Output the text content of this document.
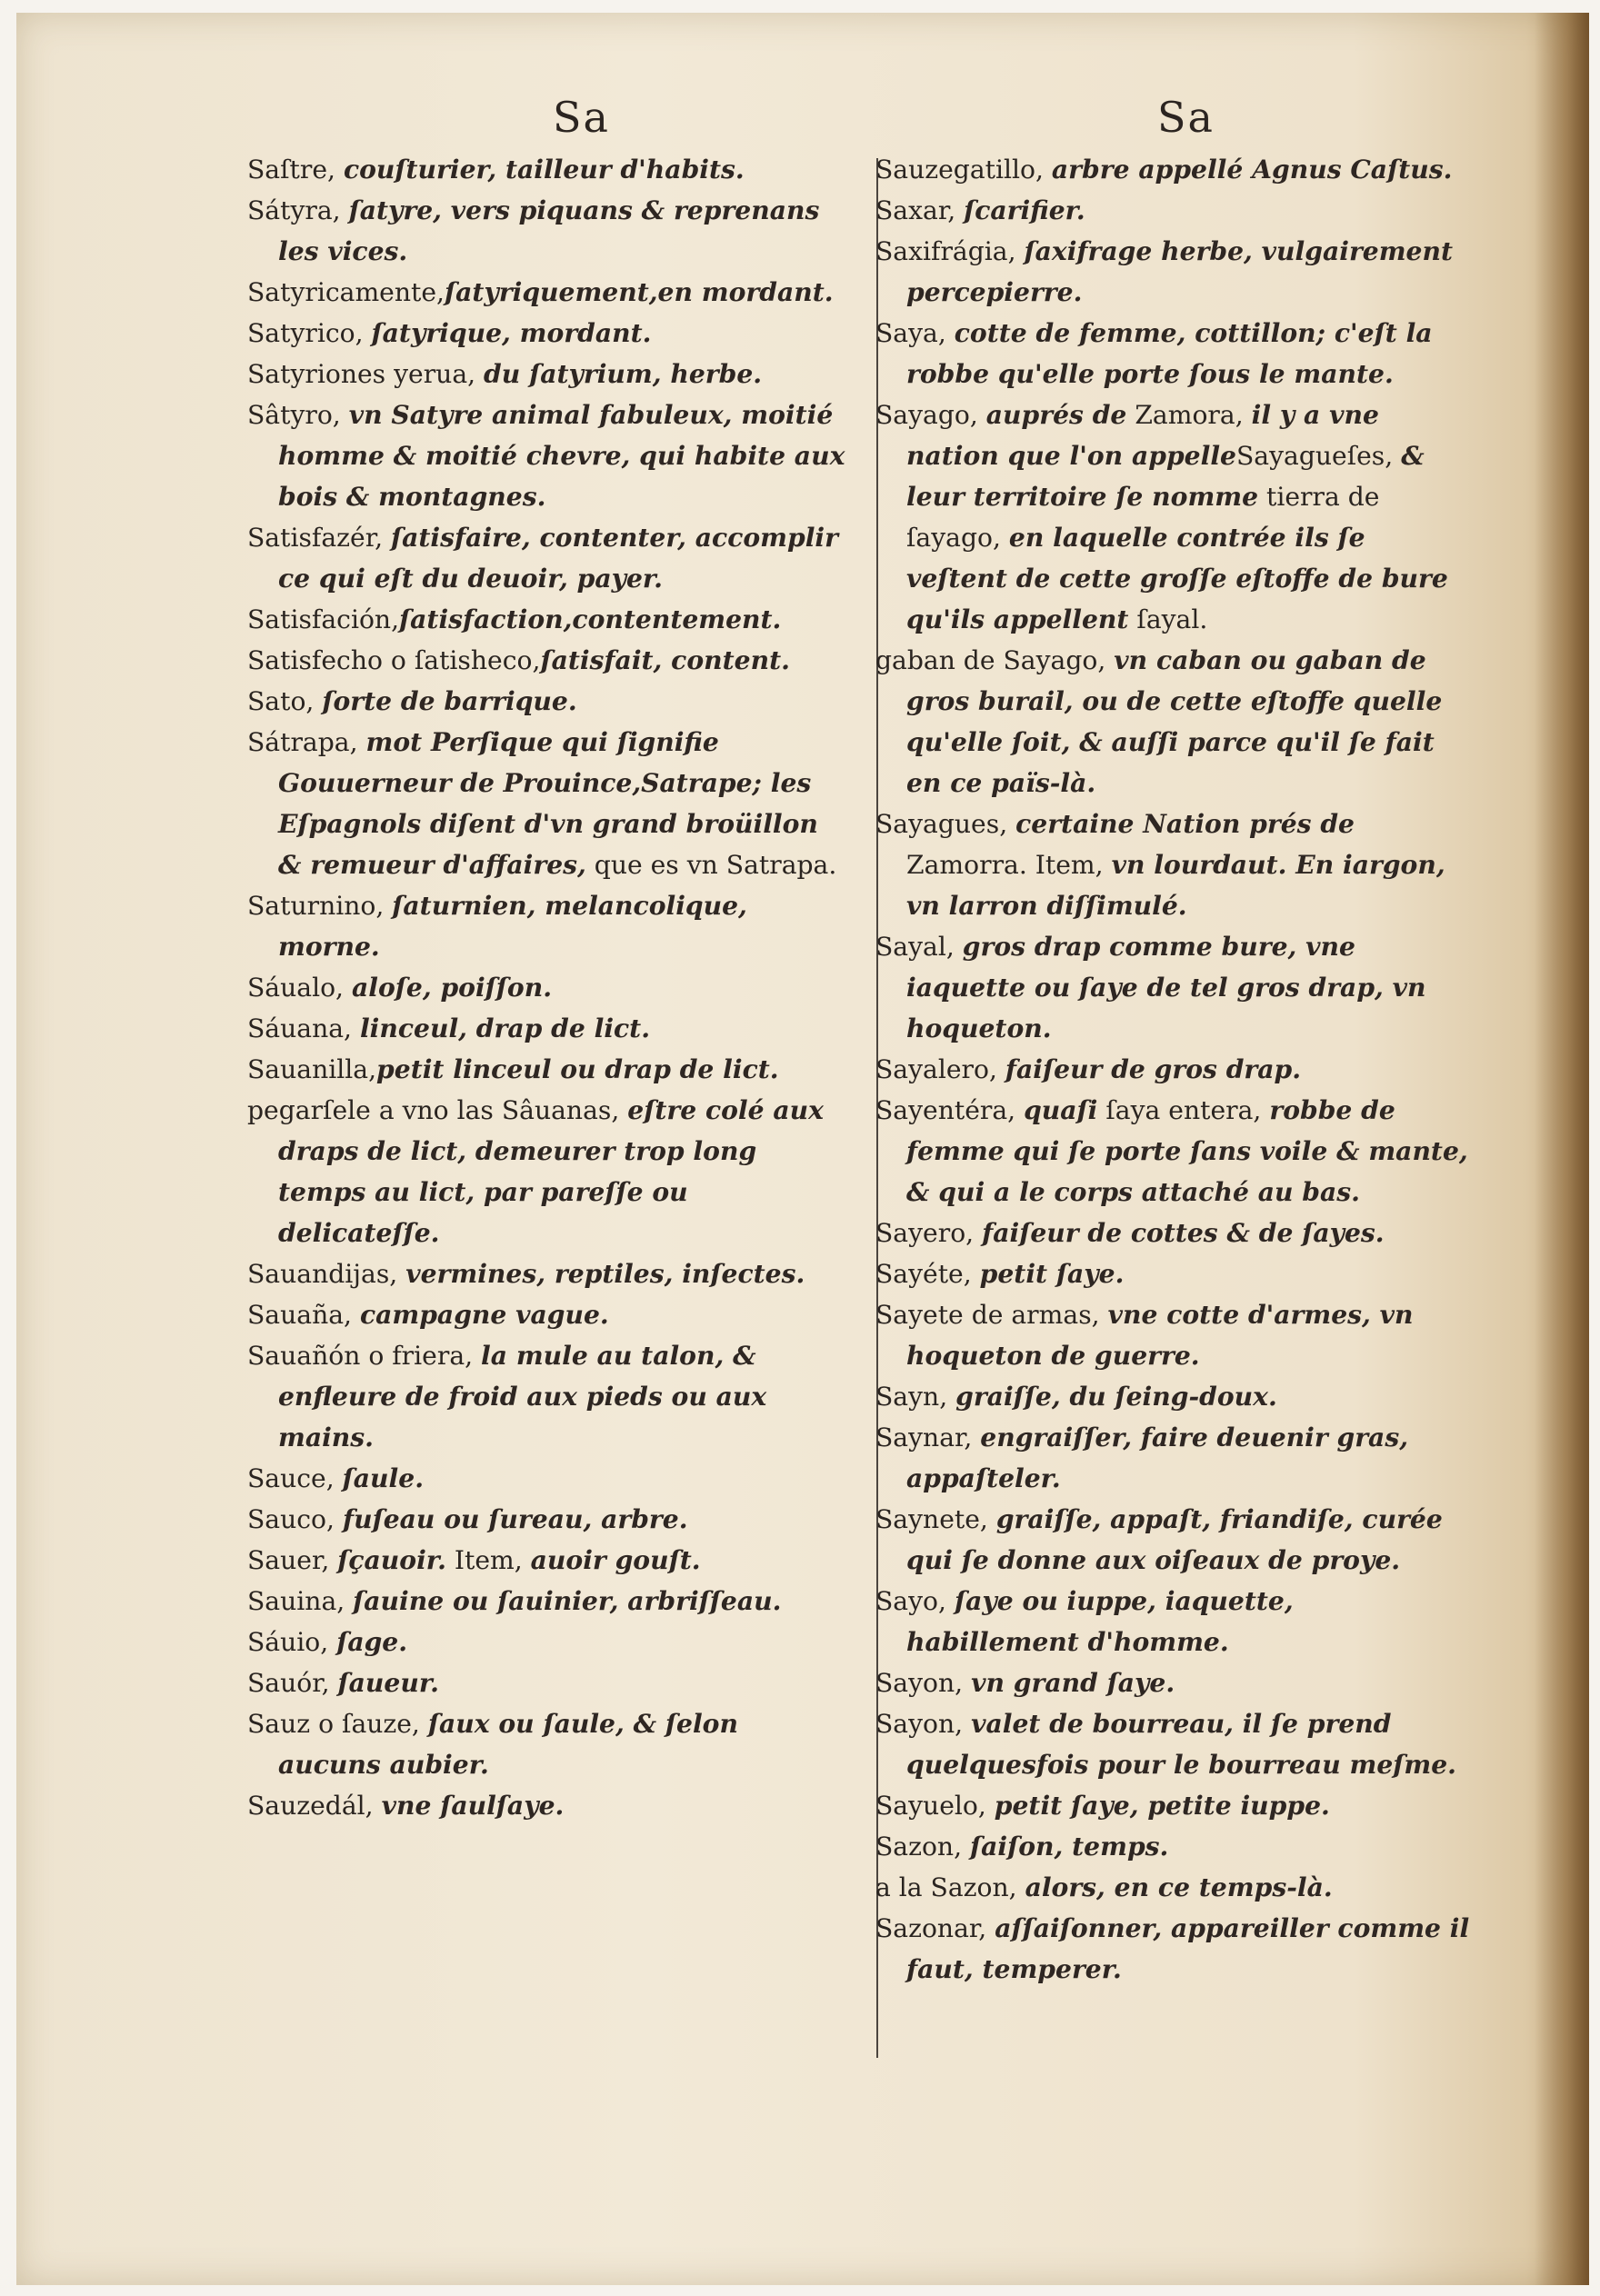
Sa	Sa

Saſtre, couſturier, tailleur d'habits.

Sátyra, ſatyre, vers piquans & reprenans les vices.

Satyricamente,ſatyriquement,en mordant.

Satyrico, ſatyrique, mordant.

Satyriones yerua, du ſatyrium, herbe.

Sâtyro, vn Satyre animal fabuleux, moitié homme & moitié chevre, qui habite aux bois & montagnes.

Satisfazér, ſatisfaire, contenter, accomplir ce qui eſt du deuoir, payer.

Satisfación,ſatisfaction,contentement.

Satisfecho o ſatisheco,ſatisfait, content.

Sato, ſorte de barrique.

Sátrapa, mot Perſique qui ſignifie Gouuerneur de Prouince,Satrape; les Eſpagnols diſent d'vn grand broüillon & remueur d'affaires, que es vn Satrapa.

Saturnino, ſaturnien, melancolique, morne.

Sáualo, aloſe, poiſſon.

Sáuana, linceul, drap de lict.

Sauanilla,petit linceul ou drap de lict.

pegarſele a vno las Sâuanas, eſtre colé aux draps de lict, demeurer trop long temps au lict, par pareſſe ou delicateſſe.

Sauandijas, vermines, reptiles, inſectes.

Sauaña, campagne vague.

Sauañón o friera, la mule au talon, & enfleure de froid aux pieds ou aux mains.

Sauce, ſaule.

Sauco, fuſeau ou ſureau, arbre.

Sauer, ſçauoir. Item, auoir gouſt.

Sauina, ſauine ou ſauinier, arbriſſeau.

Sáuio, ſage.

Sauór, ſaueur.

Sauz o ſauze, ſaux ou ſaule, & ſelon aucuns aubier.

Sauzedál, vne ſaulſaye.

Sauzegatillo, arbre appellé Agnus Caſtus.

Saxar, ſcarifier.

Saxifrágia, ſaxifrage herbe, vulgairement percepierre.

Saya, cotte de femme, cottillon; c'eſt la robbe qu'elle porte ſous le mante.

Sayago, auprés de Zamora, il y a vne nation que l'on appelleSayagueſes, & leur territoire ſe nomme tierra de ſayago, en laquelle contrée ils ſe veſtent de cette groſſe eſtoffe de bure qu'ils appellent ſayal.

gaban de Sayago, vn caban ou gaban de gros burail, ou de cette eſtoffe quelle qu'elle ſoit, & auſſi parce qu'il ſe fait en ce païs-là.

Sayagues, certaine Nation prés de Zamorra. Item, vn lourdaut. En iargon, vn larron diſſimulé.

Sayal, gros drap comme bure, vne iaquette ou ſaye de tel gros drap, vn hoqueton.

Sayalero, faiſeur de gros drap.

Sayentéra, quaſi ſaya entera, robbe de femme qui ſe porte ſans voile & mante, & qui a le corps attaché au bas.

Sayero, faiſeur de cottes & de ſayes.

Sayéte, petit ſaye.

Sayete de armas, vne cotte d'armes, vn hoqueton de guerre.

Sayn, graiſſe, du ſeing-doux.

Saynar, engraiſſer, faire deuenir gras, appaſteler.

Saynete, graiſſe, appaſt, friandiſe, curée qui ſe donne aux oiſeaux de proye.

Sayo, ſaye ou iuppe, iaquette, habillement d'homme.

Sayon, vn grand ſaye.

Sayon, valet de bourreau, il ſe prend quelquesfois pour le bourreau meſme.

Sayuelo, petit ſaye, petite iuppe.

Sazon, ſaiſon, temps.

a la Sazon, alors, en ce temps-là.

Sazonar, aſſaiſonner, appareiller comme il faut, temperer.
